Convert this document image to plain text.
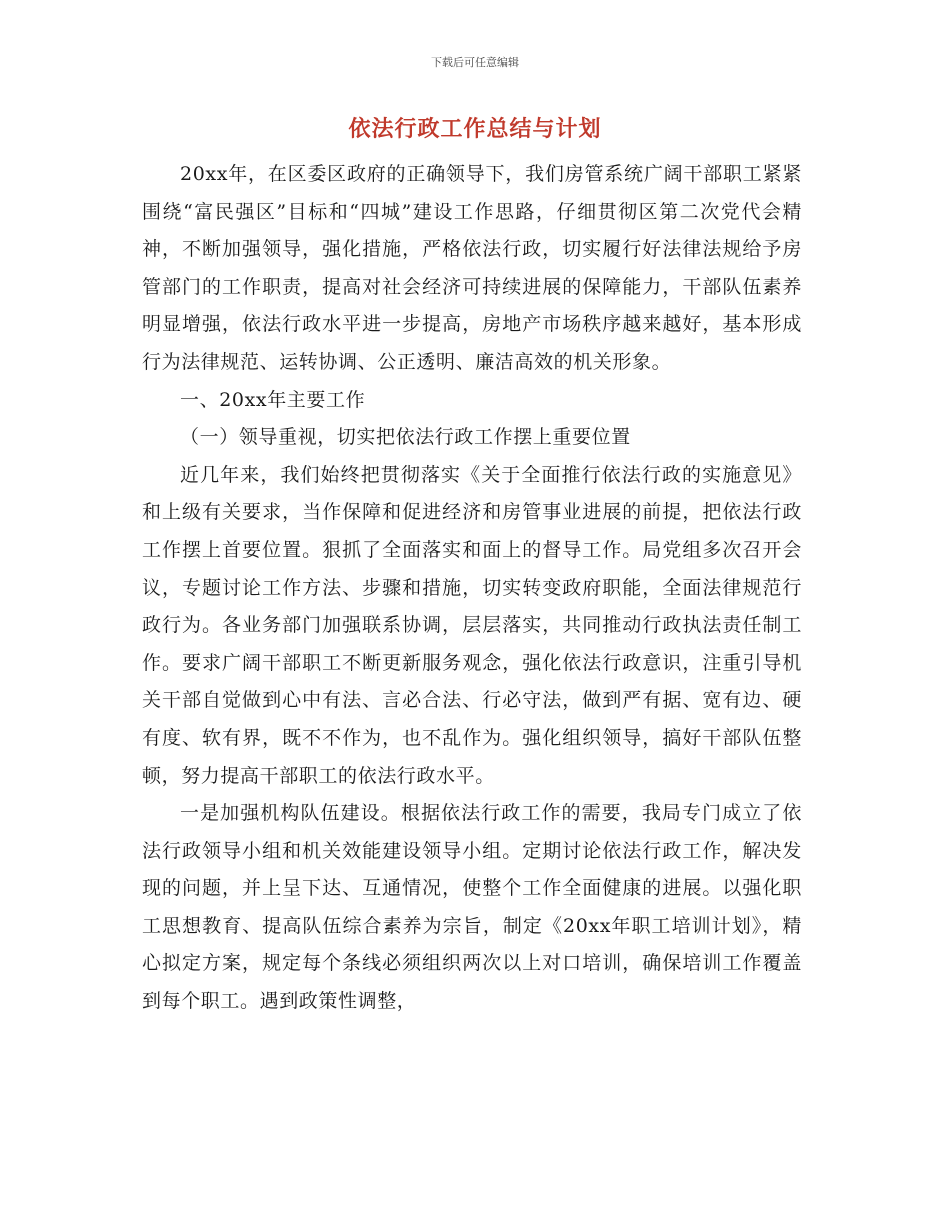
下载后可任意编辑
依法行政工作总结与计划

20xx年，在区委区政府的正确领导下，我们房管系统广阔干部职工紧紧围绕“富民强区”目标和“四城”建设工作思路，仔细贯彻区第二次党代会精神，不断加强领导，强化措施，严格依法行政，切实履行好法律法规给予房管部门的工作职责，提高对社会经济可持续进展的保障能力，干部队伍素养明显增强，依法行政水平进一步提高，房地产市场秩序越来越好，基本形成行为法律规范、运转协调、公正透明、廉洁高效的机关形象。

一、20xx年主要工作

（一）领导重视，切实把依法行政工作摆上重要位置

近几年来，我们始终把贯彻落实《关于全面推行依法行政的实施意见》和上级有关要求，当作保障和促进经济和房管事业进展的前提，把依法行政工作摆上首要位置。狠抓了全面落实和面上的督导工作。局党组多次召开会议，专题讨论工作方法、步骤和措施，切实转变政府职能，全面法律规范行政行为。各业务部门加强联系协调，层层落实，共同推动行政执法责任制工作。要求广阔干部职工不断更新服务观念，强化依法行政意识，注重引导机关干部自觉做到心中有法、言必合法、行必守法，做到严有据、宽有边、硬有度、软有界，既不不作为，也不乱作为。强化组织领导，搞好干部队伍整顿，努力提高干部职工的依法行政水平。

一是加强机构队伍建设。根据依法行政工作的需要，我局专门成立了依法行政领导小组和机关效能建设领导小组。定期讨论依法行政工作，解决发现的问题，并上呈下达、互通情况，使整个工作全面健康的进展。以强化职工思想教育、提高队伍综合素养为宗旨，制定《20xx年职工培训计划》，精心拟定方案，规定每个条线必须组织两次以上对口培训，确保培训工作覆盖到每个职工。遇到政策性调整，
